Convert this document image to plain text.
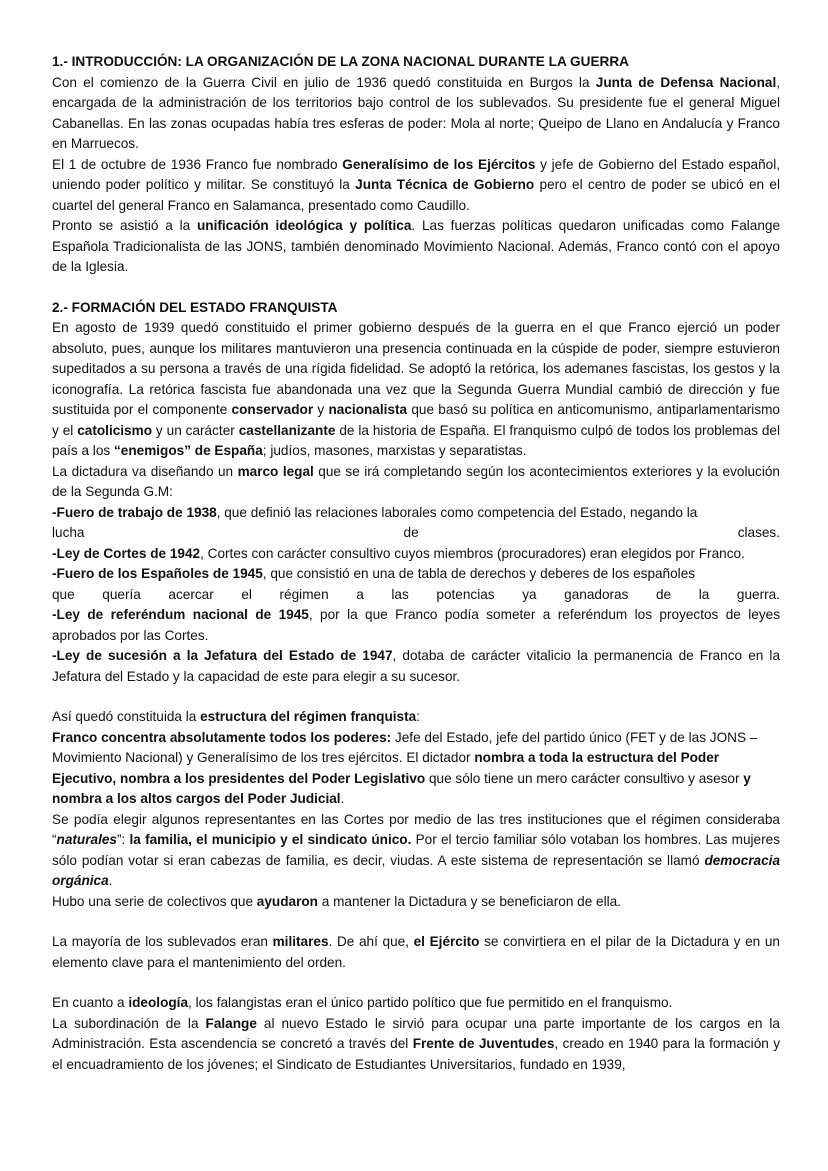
1.- INTRODUCCIÓN: LA ORGANIZACIÓN DE LA ZONA NACIONAL DURANTE LA GUERRA

Con el comienzo de la Guerra Civil en julio de 1936 quedó constituida en Burgos la Junta de Defensa Nacional, encargada de la administración de los territorios bajo control de los sublevados. Su presidente fue el general Miguel Cabanellas. En las zonas ocupadas había tres esferas de poder: Mola al norte; Queipo de Llano en Andalucía y Franco en Marruecos.

El 1 de octubre de 1936 Franco fue nombrado Generalísimo de los Ejércitos y jefe de Gobierno del Estado español, uniendo poder político y militar. Se constituyó la Junta Técnica de Gobierno pero el centro de poder se ubicó en el cuartel del general Franco en Salamanca, presentado como Caudillo.

Pronto se asistió a la unificación ideológica y política. Las fuerzas políticas quedaron unificadas como Falange Española Tradicionalista de las JONS, también denominado Movimiento Nacional. Además, Franco contó con el apoyo de la Iglesia.

2.- FORMACIÓN DEL ESTADO FRANQUISTA

En agosto de 1939 quedó constituido el primer gobierno después de la guerra en el que Franco ejerció un poder absoluto, pues, aunque los militares mantuvieron una presencia continuada en la cúspide de poder, siempre estuvieron supeditados a su persona a través de una rígida fidelidad. Se adoptó la retórica, los ademanes fascistas, los gestos y la iconografía. La retórica fascista fue abandonada una vez que la Segunda Guerra Mundial cambió de dirección y fue sustituida por el componente conservador y nacionalista que basó su política en anticomunismo, antiparlamentarismo y el catolicismo y un carácter castellanizante de la historia de España. El franquismo culpó de todos los problemas del país a los “enemigos” de España; judíos, masones, marxistas y separatistas.

La dictadura va diseñando un marco legal que se irá completando según los acontecimientos exteriores y la evolución de la Segunda G.M:

-Fuero de trabajo de 1938, que definió las relaciones laborales como competencia del Estado, negando la

lucha	de	clases.

-Ley de Cortes de 1942, Cortes con carácter consultivo cuyos miembros (procuradores) eran elegidos por Franco.

-Fuero de los Españoles de 1945, que consistió en una de tabla de derechos y deberes de los españoles

que quería acercar el régimen a las potencias ya ganadoras de la guerra.

-Ley de referéndum nacional de 1945, por la que Franco podía someter a referéndum los proyectos de leyes aprobados por las Cortes.

-Ley de sucesión a la Jefatura del Estado de 1947, dotaba de carácter vitalicio la permanencia de Franco en la Jefatura del Estado y la capacidad de este para elegir a su sucesor.

Así quedó constituida la estructura del régimen franquista:

Franco concentra absolutamente todos los poderes: Jefe del Estado, jefe del partido único (FET y de las JONS – Movimiento Nacional) y Generalísimo de los tres ejércitos. El dictador nombra a toda la estructura del Poder Ejecutivo, nombra a los presidentes del Poder Legislativo que sólo tiene un mero carácter consultivo y asesor y nombra a los altos cargos del Poder Judicial.

Se podía elegir algunos representantes en las Cortes por medio de las tres instituciones que el régimen consideraba “naturales”: la familia, el municipio y el sindicato único. Por el tercio familiar sólo votaban los hombres. Las mujeres sólo podían votar si eran cabezas de familia, es decir, viudas. A este sistema de representación se llamó democracia orgánica.

Hubo una serie de colectivos que ayudaron a mantener la Dictadura y se beneficiaron de ella.

La mayoría de los sublevados eran militares. De ahí que, el Ejército se convirtiera en el pilar de la Dictadura y en un elemento clave para el mantenimiento del orden.

En cuanto a ideología, los falangistas eran el único partido político que fue permitido en el franquismo.

La subordinación de la Falange al nuevo Estado le sirvió para ocupar una parte importante de los cargos en la Administración. Esta ascendencia se concretó a través del Frente de Juventudes, creado en 1940 para la formación y el encuadramiento de los jóvenes; el Sindicato de Estudiantes Universitarios, fundado en 1939,
